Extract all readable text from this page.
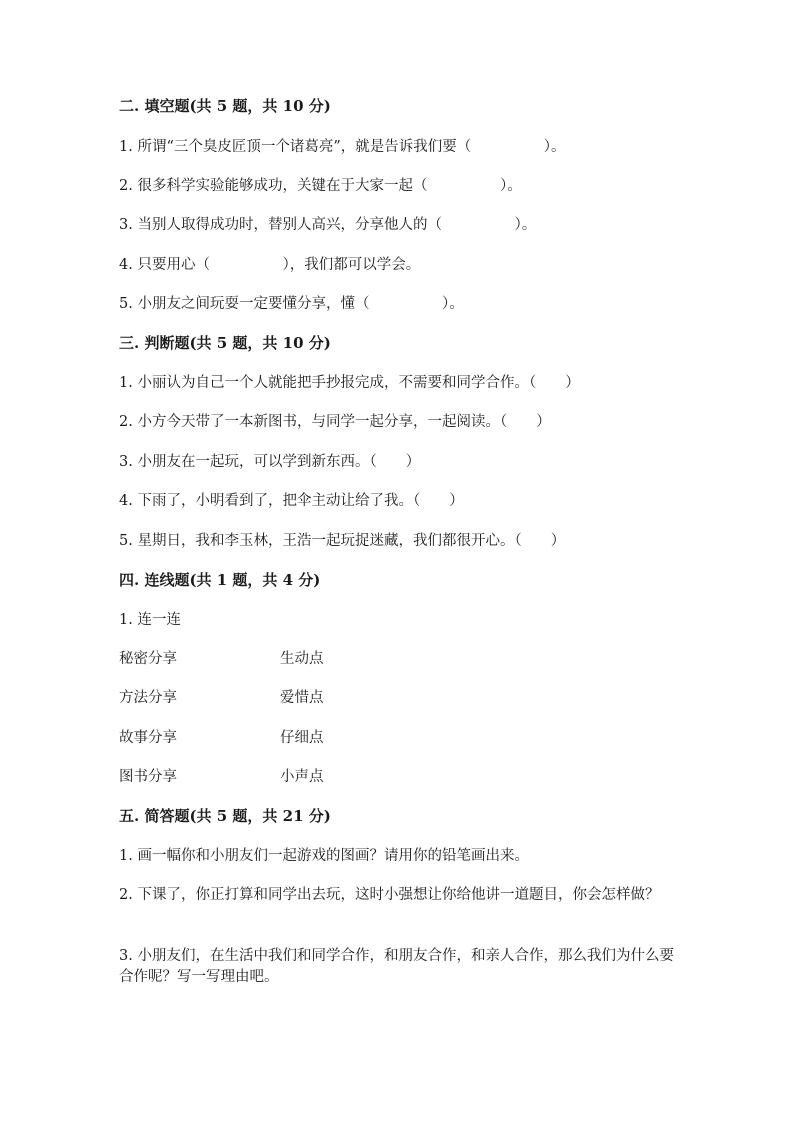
二. 填空题(共 5 题，共 10 分)
1. 所谓“三个臭皮匠顶一个诸葛亮”，就是告诉我们要（　　　　　）。
2. 很多科学实验能够成功，关键在于大家一起（　　　　　）。
3. 当别人取得成功时，替别人高兴，分享他人的（　　　　　）。
4. 只要用心（　　　　　），我们都可以学会。
5. 小朋友之间玩耍一定要懂分享，懂（　　　　　）。
三. 判断题(共 5 题，共 10 分)
1. 小丽认为自己一个人就能把手抄报完成，不需要和同学合作。（　　）
2. 小方今天带了一本新图书，与同学一起分享，一起阅读。（　　）
3. 小朋友在一起玩，可以学到新东西。（　　）
4. 下雨了，小明看到了，把伞主动让给了我。（　　）
5. 星期日，我和李玉林，王浩一起玩捉迷藏，我们都很开心。（　　）
四. 连线题(共 1 题，共 4 分)
1. 连一连
秘密分享	生动点
方法分享	爱惜点
故事分享	仔细点
图书分享	小声点
五. 简答题(共 5 题，共 21 分)
1. 画一幅你和小朋友们一起游戏的图画？请用你的铅笔画出来。
2. 下课了，你正打算和同学出去玩，这时小强想让你给他讲一道题目，你会怎样做？
3. 小朋友们，在生活中我们和同学合作，和朋友合作，和亲人合作，那么我们为什么要合作呢？写一写理由吧。
